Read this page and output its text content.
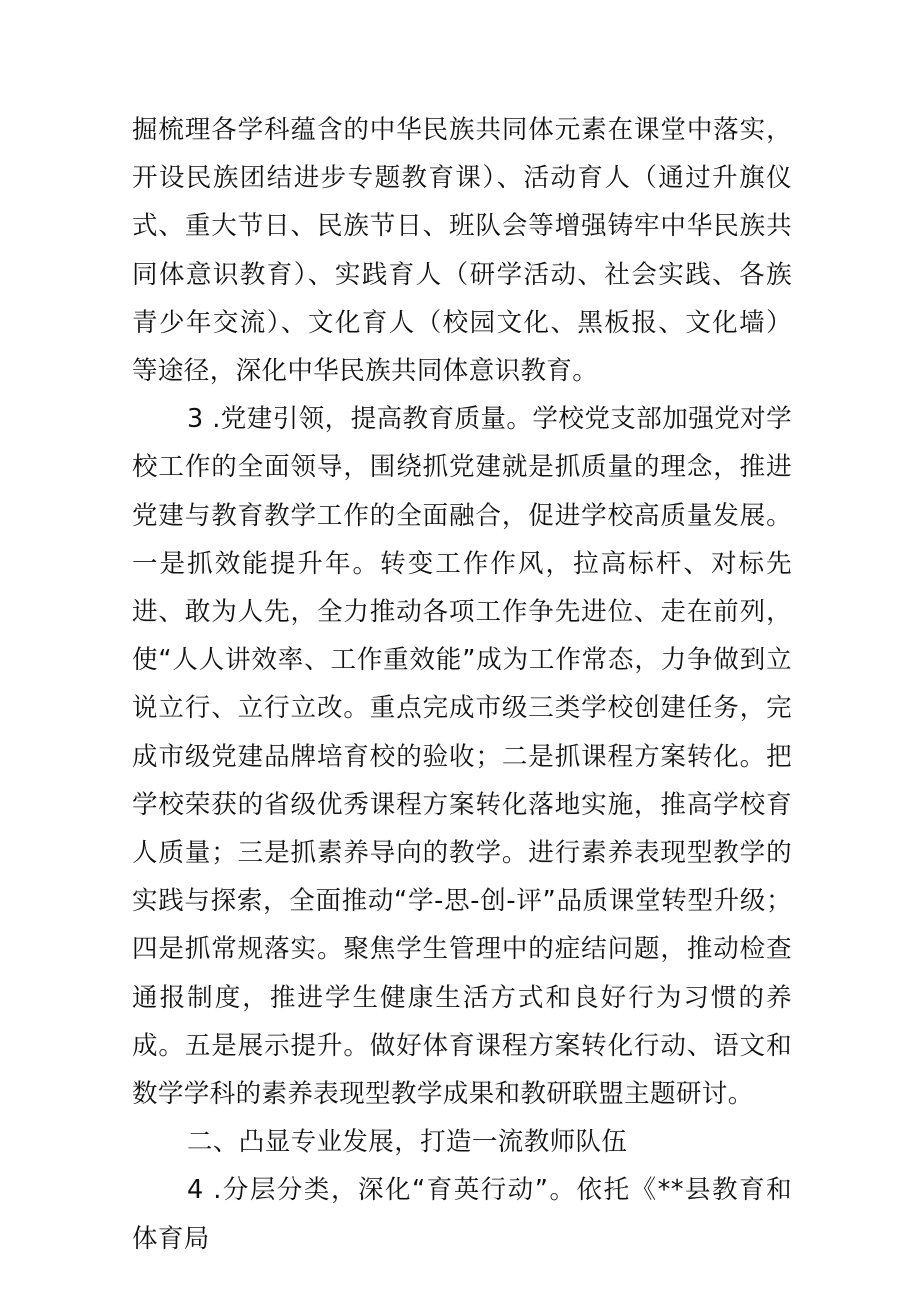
掘梳理各学科蕴含的中华民族共同体元素在课堂中落实，开设民族团结进步专题教育课）、活动育人（通过升旗仪式、重大节日、民族节日、班队会等增强铸牢中华民族共同体意识教育）、实践育人（研学活动、社会实践、各族青少年交流）、文化育人（校园文化、黑板报、文化墙）等途径，深化中华民族共同体意识教育。

3 .党建引领，提高教育质量。学校党支部加强党对学校工作的全面领导，围绕抓党建就是抓质量的理念，推进党建与教育教学工作的全面融合，促进学校高质量发展。一是抓效能提升年。转变工作作风，拉高标杆、对标先进、敢为人先，全力推动各项工作争先进位、走在前列，使“人人讲效率、工作重效能”成为工作常态，力争做到立说立行、立行立改。重点完成市级三类学校创建任务，完成市级党建品牌培育校的验收；二是抓课程方案转化。把学校荣获的省级优秀课程方案转化落地实施，推高学校育人质量；三是抓素养导向的教学。进行素养表现型教学的实践与探索，全面推动“学-思-创-评”品质课堂转型升级；四是抓常规落实。聚焦学生管理中的症结问题，推动检查通报制度，推进学生健康生活方式和良好行为习惯的养成。五是展示提升。做好体育课程方案转化行动、语文和数学学科的素养表现型教学成果和教研联盟主题研讨。

二、凸显专业发展，打造一流教师队伍

4 .分层分类，深化“育英行动”。依托《**县教育和体育局
